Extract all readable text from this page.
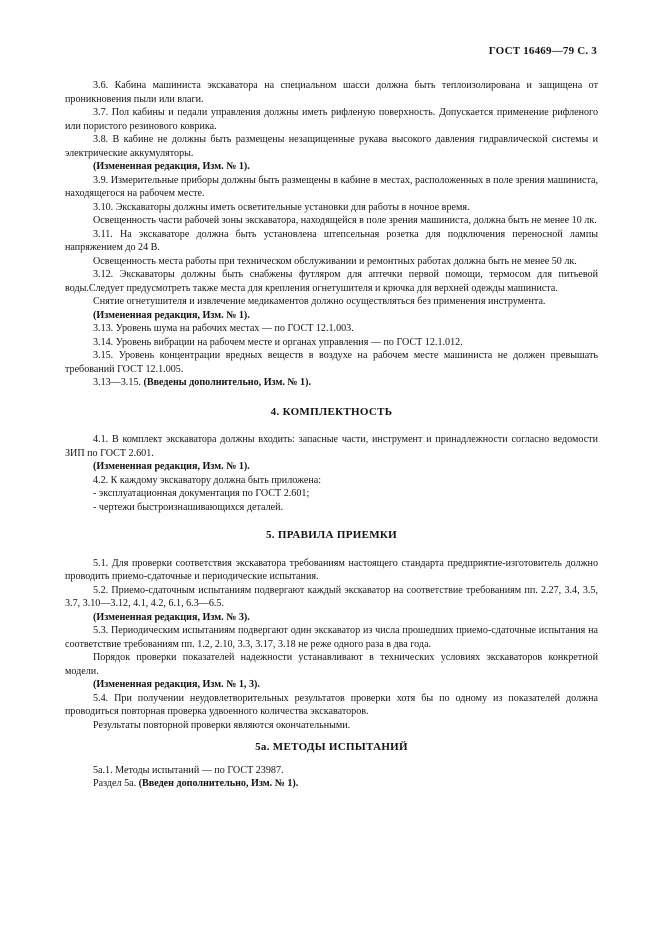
ГОСТ 16469—79 С. 3

3.6. Кабина машиниста экскаватора на специальном шасси должна быть теплоизолирована и защищена от проникновения пыли или влаги.

3.7. Пол кабины и педали управления должны иметь рифленую поверхность. Допускается применение рифленого или пористого резинового коврика.

3.8. В кабине не должны быть размещены незащищенные рукава высокого давления гидравлической системы и электрические аккумуляторы.

(Измененная редакция, Изм. № 1).

3.9. Измерительные приборы должны быть размещены в кабине в местах, расположенных в поле зрения машиниста, находящегося на рабочем месте.

3.10. Экскаваторы должны иметь осветительные установки для работы в ночное время.

Освещенность части рабочей зоны экскаватора, находящейся в поле зрения машиниста, должна быть не менее 10 лк.

3.11. На экскаваторе должна быть установлена штепсельная розетка для подключения переносной лампы напряжением до 24 В.

Освещенность места работы при техническом обслуживании и ремонтных работах должна быть не менее 50 лк.

3.12. Экскаваторы должны быть снабжены футляром для аптечки первой помощи, термосом для питьевой воды.Следует предусмотреть также места для крепления огнетушителя и крючка для верхней одежды машиниста.

Снятие огнетушителя и извлечение медикаментов должно осуществляться без применения инструмента.

(Измененная редакция, Изм. № 1).

3.13. Уровень шума на рабочих местах — по ГОСТ 12.1.003.

3.14. Уровень вибрации на рабочем месте и органах управления — по ГОСТ 12.1.012.

3.15. Уровень концентрации вредных веществ в воздухе на рабочем месте машиниста не должен превышать требований ГОСТ 12.1.005.

3.13—3.15. (Введены дополнительно, Изм. № 1).

4. КОМПЛЕКТНОСТЬ

4.1. В комплект экскаватора должны входить: запасные части, инструмент и принадлежности согласно ведомости ЗИП по ГОСТ 2.601.

(Измененная редакция, Изм. № 1).

4.2. К каждому экскаватору должна быть приложена:

- эксплуатационная документация по ГОСТ 2.601;

- чертежи быстроизнашивающихся деталей.

5. ПРАВИЛА ПРИЕМКИ

5.1. Для проверки соответствия экскаватора требованиям настоящего стандарта предприятие-изготовитель должно проводить приемо-сдаточные и периодические испытания.

5.2. Приемо-сдаточным испытаниям подвергают каждый экскаватор на соответствие требованиям пп. 2.27, 3.4, 3.5, 3.7, 3.10—3.12, 4.1, 4.2, 6.1, 6.3—6.5.

(Измененная редакция, Изм. № 3).

5.3. Периодическим испытаниям подвергают один экскаватор из числа прошедших приемо-сдаточные испытания на соответствие требованиям пп. 1.2, 2.10, 3.3, 3.17, 3.18 не реже одного раза в два года.

Порядок проверки показателей надежности устанавливают в технических условиях экскаваторов конкретной модели.

(Измененная редакция, Изм. № 1, 3).

5.4. При получении неудовлетворительных результатов проверки хотя бы по одному из показателей должна проводиться повторная проверка удвоенного количества экскаваторов.

Результаты повторной проверки являются окончательными.

5а. МЕТОДЫ ИСПЫТАНИЙ

5а.1. Методы испытаний — по ГОСТ 23987.

Раздел 5а. (Введен дополнительно, Изм. № 1).
